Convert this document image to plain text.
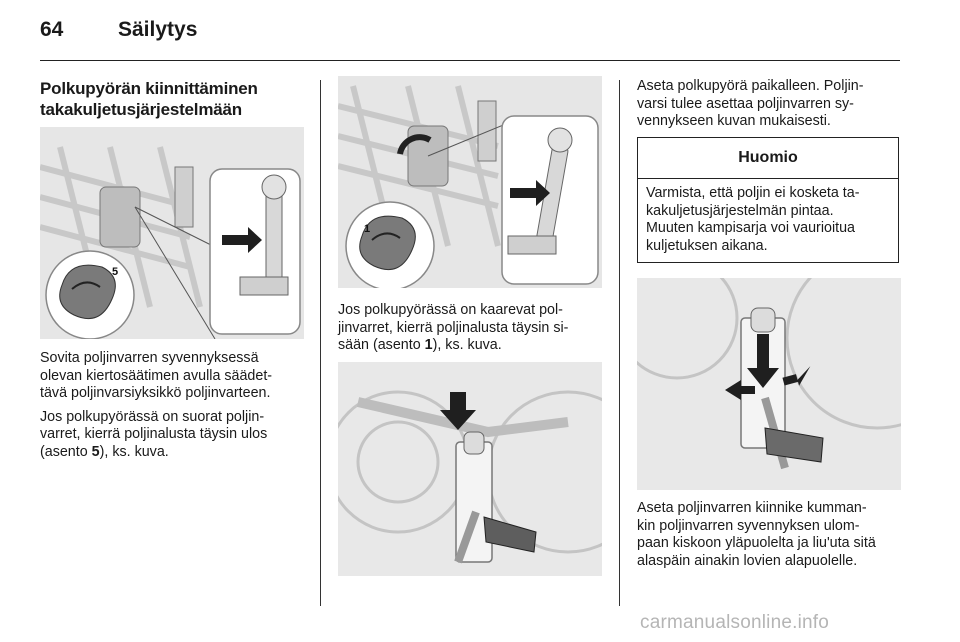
64	Säilytys
Polkupyörän kiinnittäminen
takakuljetusjärjestelmään
5

Sovita poljinvarren syvennyksessä
olevan kiertosäätimen avulla säädet-
tävä poljinvarsiyksikkö poljinvarteen.

Jos polkupyörässä on suorat poljin-
varret, kierrä poljinalusta täysin ulos
(asento 5), ks. kuva.

1

Jos polkupyörässä on kaarevat pol-
jinvarret, kierrä poljinalusta täysin si-
sään (asento 1), ks. kuva.

Aseta polkupyörä paikalleen. Poljin-
varsi tulee asettaa poljinvarren sy-
vennykseen kuvan mukaisesti.

Huomio
Varmista, että poljin ei kosketa ta-
kakuljetusjärjestelmän pintaa.
Muuten kampisarja voi vaurioitua
kuljetuksen aikana.

Aseta poljinvarren kiinnike kumman-
kin poljinvarren syvennyksen ulom-
paan kiskoon yläpuolelta ja liu'uta sitä
alaspäin ainakin lovien alapuolelle.

carmanualsonline.info
